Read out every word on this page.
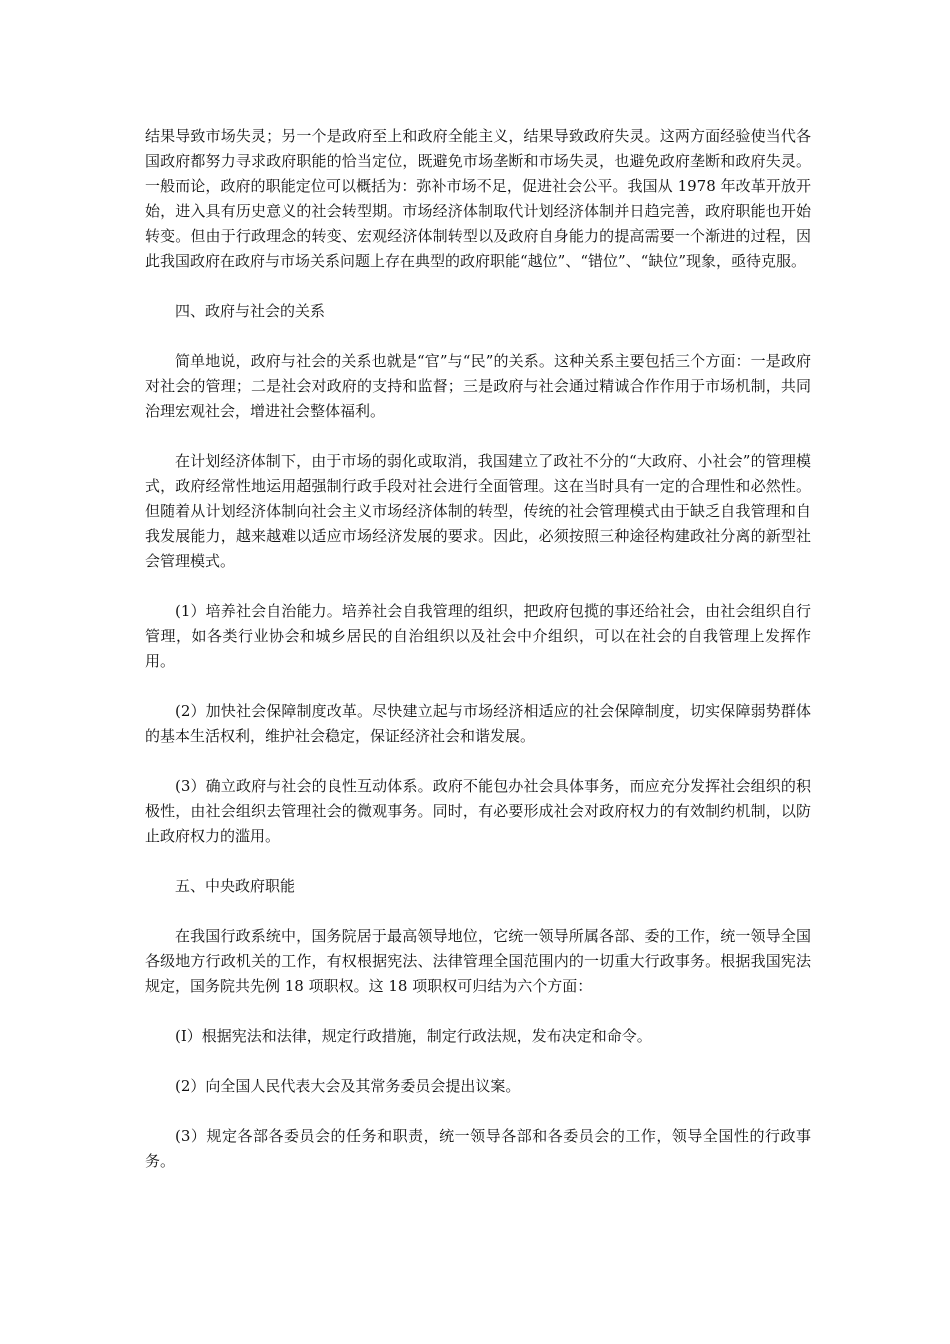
结果导致市场失灵；另一个是政府至上和政府全能主义，结果导致政府失灵。这两方面经验使当代各国政府都努力寻求政府职能的恰当定位，既避免市场垄断和市场失灵，也避免政府垄断和政府失灵。一般而论，政府的职能定位可以概括为：弥补市场不足，促进社会公平。我国从 1978 年改革开放开始，进入具有历史意义的社会转型期。市场经济体制取代计划经济体制并日趋完善，政府职能也开始转变。但由于行政理念的转变、宏观经济体制转型以及政府自身能力的提高需要一个渐进的过程，因此我国政府在政府与市场关系问题上存在典型的政府职能“越位”、“错位”、“缺位”现象，亟待克服。

四、政府与社会的关系

简单地说，政府与社会的关系也就是“官”与“民”的关系。这种关系主要包括三个方面：一是政府对社会的管理；二是社会对政府的支持和监督；三是政府与社会通过精诚合作作用于市场机制，共同治理宏观社会，增进社会整体福利。

在计划经济体制下，由于市场的弱化或取消，我国建立了政社不分的“大政府、小社会”的管理模式，政府经常性地运用超强制行政手段对社会进行全面管理。这在当时具有一定的合理性和必然性。但随着从计划经济体制向社会主义市场经济体制的转型，传统的社会管理模式由于缺乏自我管理和自我发展能力，越来越难以适应市场经济发展的要求。因此，必须按照三种途径构建政社分离的新型社会管理模式。

(1）培养社会自治能力。培养社会自我管理的组织，把政府包揽的事还给社会，由社会组织自行管理，如各类行业协会和城乡居民的自治组织以及社会中介组织，可以在社会的自我管理上发挥作用。

(2）加快社会保障制度改革。尽快建立起与市场经济相适应的社会保障制度，切实保障弱势群体的基本生活权利，维护社会稳定，保证经济社会和谐发展。

(3）确立政府与社会的良性互动体系。政府不能包办社会具体事务，而应充分发挥社会组织的积极性，由社会组织去管理社会的微观事务。同时，有必要形成社会对政府权力的有效制约机制，以防止政府权力的滥用。

五、中央政府职能

在我国行政系统中，国务院居于最高领导地位，它统一领导所属各部、委的工作，统一领导全国各级地方行政机关的工作，有权根据宪法、法律管理全国范围内的一切重大行政事务。根据我国宪法规定，国务院共先例 18 项职权。这 18 项职权可归结为六个方面：

(I）根据宪法和法律，规定行政措施，制定行政法规，发布决定和命令。

(2）向全国人民代表大会及其常务委员会提出议案。

(3）规定各部各委员会的任务和职责，统一领导各部和各委员会的工作，领导全国性的行政事务。
